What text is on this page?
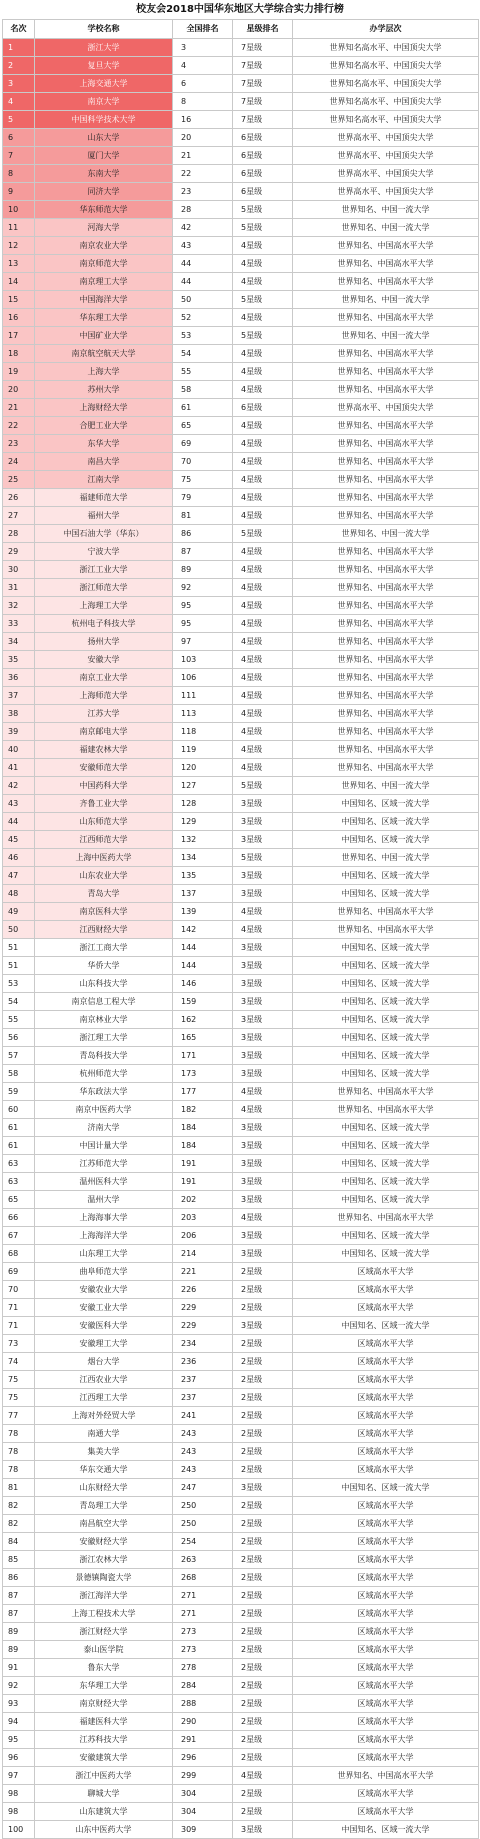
校友会2018中国华东地区大学综合实力排行榜
名次	学校名称	全国排名	星级排名	办学层次
1	浙江大学	3	7星级	世界知名高水平、中国顶尖大学
2	复旦大学	4	7星级	世界知名高水平、中国顶尖大学
3	上海交通大学	6	7星级	世界知名高水平、中国顶尖大学
4	南京大学	8	7星级	世界知名高水平、中国顶尖大学
5	中国科学技术大学	16	7星级	世界知名高水平、中国顶尖大学
6	山东大学	20	6星级	世界高水平、中国顶尖大学
7	厦门大学	21	6星级	世界高水平、中国顶尖大学
8	东南大学	22	6星级	世界高水平、中国顶尖大学
9	同济大学	23	6星级	世界高水平、中国顶尖大学
10	华东师范大学	28	5星级	世界知名、中国一流大学
11	河海大学	42	5星级	世界知名、中国一流大学
12	南京农业大学	43	4星级	世界知名、中国高水平大学
13	南京师范大学	44	4星级	世界知名、中国高水平大学
14	南京理工大学	44	4星级	世界知名、中国高水平大学
15	中国海洋大学	50	5星级	世界知名、中国一流大学
16	华东理工大学	52	4星级	世界知名、中国高水平大学
17	中国矿业大学	53	5星级	世界知名、中国一流大学
18	南京航空航天大学	54	4星级	世界知名、中国高水平大学
19	上海大学	55	4星级	世界知名、中国高水平大学
20	苏州大学	58	4星级	世界知名、中国高水平大学
21	上海财经大学	61	6星级	世界高水平、中国顶尖大学
22	合肥工业大学	65	4星级	世界知名、中国高水平大学
23	东华大学	69	4星级	世界知名、中国高水平大学
24	南昌大学	70	4星级	世界知名、中国高水平大学
25	江南大学	75	4星级	世界知名、中国高水平大学
26	福建师范大学	79	4星级	世界知名、中国高水平大学
27	福州大学	81	4星级	世界知名、中国高水平大学
28	中国石油大学（华东）	86	5星级	世界知名、中国一流大学
29	宁波大学	87	4星级	世界知名、中国高水平大学
30	浙江工业大学	89	4星级	世界知名、中国高水平大学
31	浙江师范大学	92	4星级	世界知名、中国高水平大学
32	上海理工大学	95	4星级	世界知名、中国高水平大学
33	杭州电子科技大学	95	4星级	世界知名、中国高水平大学
34	扬州大学	97	4星级	世界知名、中国高水平大学
35	安徽大学	103	4星级	世界知名、中国高水平大学
36	南京工业大学	106	4星级	世界知名、中国高水平大学
37	上海师范大学	111	4星级	世界知名、中国高水平大学
38	江苏大学	113	4星级	世界知名、中国高水平大学
39	南京邮电大学	118	4星级	世界知名、中国高水平大学
40	福建农林大学	119	4星级	世界知名、中国高水平大学
41	安徽师范大学	120	4星级	世界知名、中国高水平大学
42	中国药科大学	127	5星级	世界知名、中国一流大学
43	齐鲁工业大学	128	3星级	中国知名、区域一流大学
44	山东师范大学	129	3星级	中国知名、区域一流大学
45	江西师范大学	132	3星级	中国知名、区域一流大学
46	上海中医药大学	134	5星级	世界知名、中国一流大学
47	山东农业大学	135	3星级	中国知名、区域一流大学
48	青岛大学	137	3星级	中国知名、区域一流大学
49	南京医科大学	139	4星级	世界知名、中国高水平大学
50	江西财经大学	142	4星级	世界知名、中国高水平大学
51	浙江工商大学	144	3星级	中国知名、区域一流大学
51	华侨大学	144	3星级	中国知名、区域一流大学
53	山东科技大学	146	3星级	中国知名、区域一流大学
54	南京信息工程大学	159	3星级	中国知名、区域一流大学
55	南京林业大学	162	3星级	中国知名、区域一流大学
56	浙江理工大学	165	3星级	中国知名、区域一流大学
57	青岛科技大学	171	3星级	中国知名、区域一流大学
58	杭州师范大学	173	3星级	中国知名、区域一流大学
59	华东政法大学	177	4星级	世界知名、中国高水平大学
60	南京中医药大学	182	4星级	世界知名、中国高水平大学
61	济南大学	184	3星级	中国知名、区域一流大学
61	中国计量大学	184	3星级	中国知名、区域一流大学
63	江苏师范大学	191	3星级	中国知名、区域一流大学
63	温州医科大学	191	3星级	中国知名、区域一流大学
65	温州大学	202	3星级	中国知名、区域一流大学
66	上海海事大学	203	4星级	世界知名、中国高水平大学
67	上海海洋大学	206	3星级	中国知名、区域一流大学
68	山东理工大学	214	3星级	中国知名、区域一流大学
69	曲阜师范大学	221	2星级	区域高水平大学
70	安徽农业大学	226	2星级	区域高水平大学
71	安徽工业大学	229	2星级	区域高水平大学
71	安徽医科大学	229	3星级	中国知名、区域一流大学
73	安徽理工大学	234	2星级	区域高水平大学
74	烟台大学	236	2星级	区域高水平大学
75	江西农业大学	237	2星级	区域高水平大学
75	江西理工大学	237	2星级	区域高水平大学
77	上海对外经贸大学	241	2星级	区域高水平大学
78	南通大学	243	2星级	区域高水平大学
78	集美大学	243	2星级	区域高水平大学
78	华东交通大学	243	2星级	区域高水平大学
81	山东财经大学	247	3星级	中国知名、区域一流大学
82	青岛理工大学	250	2星级	区域高水平大学
82	南昌航空大学	250	2星级	区域高水平大学
84	安徽财经大学	254	2星级	区域高水平大学
85	浙江农林大学	263	2星级	区域高水平大学
86	景德镇陶瓷大学	268	2星级	区域高水平大学
87	浙江海洋大学	271	2星级	区域高水平大学
87	上海工程技术大学	271	2星级	区域高水平大学
89	浙江财经大学	273	2星级	区域高水平大学
89	泰山医学院	273	2星级	区域高水平大学
91	鲁东大学	278	2星级	区域高水平大学
92	东华理工大学	284	2星级	区域高水平大学
93	南京财经大学	288	2星级	区域高水平大学
94	福建医科大学	290	2星级	区域高水平大学
95	江苏科技大学	291	2星级	区域高水平大学
96	安徽建筑大学	296	2星级	区域高水平大学
97	浙江中医药大学	299	4星级	世界知名、中国高水平大学
98	聊城大学	304	2星级	区域高水平大学
98	山东建筑大学	304	2星级	区域高水平大学
100	山东中医药大学	309	3星级	中国知名、区域一流大学
